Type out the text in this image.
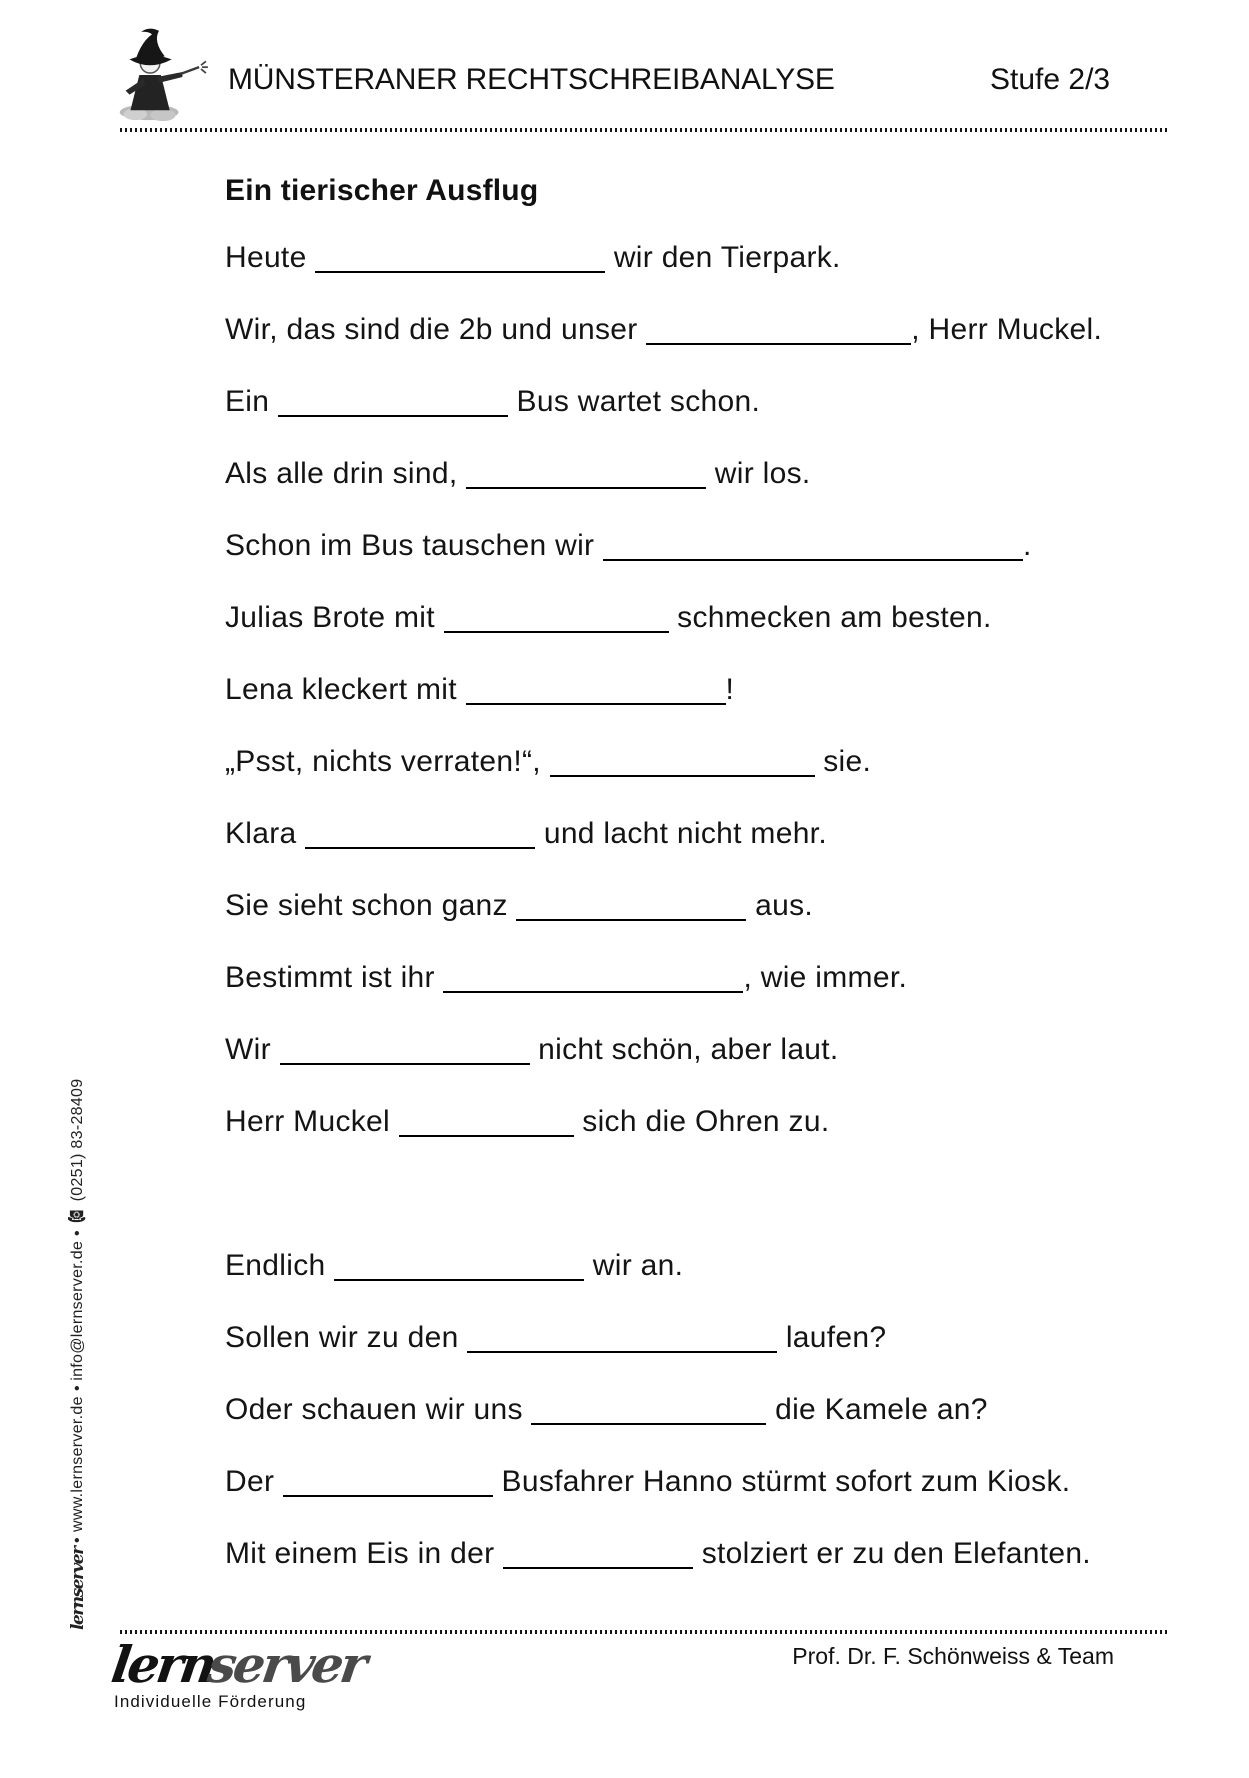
MÜNSTERANER RECHTSCHREIBANALYSE	Stufe 2/3
Ein tierischer Ausflug
Heute	wir den Tierpark.
Wir, das sind die 2b und unser	, Herr Muckel.
Ein	Bus wartet schon.
Als alle drin sind,	wir los.
Schon im Bus tauschen wir	.
Julias Brote mit	schmecken am besten.
Lena kleckert mit	!
„Psst, nichts verraten!“,	sie.
Klara	und lacht nicht mehr.
Sie sieht schon ganz	aus.
Bestimmt ist ihr	, wie immer.
Wir	nicht schön, aber laut.
Herr Muckel	sich die Ohren zu.
Endlich	wir an.
Sollen wir zu den	laufen?
Oder schauen wir uns	die Kamele an?
Der	Busfahrer Hanno stürmt sofort zum Kiosk.
Mit einem Eis in der	stolziert er zu den Elefanten.
lernserver • www.lernserver.de • info@lernserver.de • ☎ (0251) 83-28409
lernserver
Individuelle Förderung
Prof. Dr. F. Schönweiss & Team
